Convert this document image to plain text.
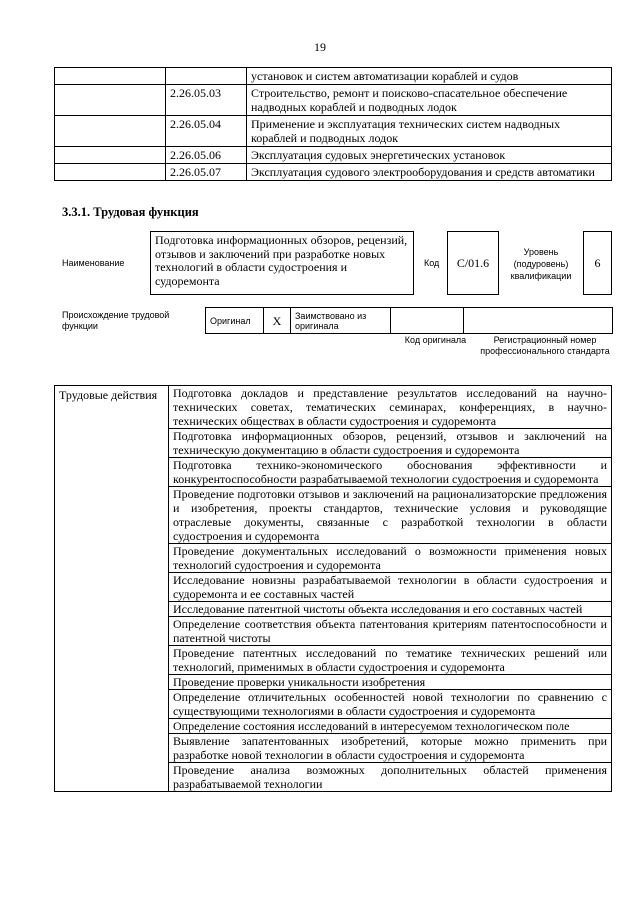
19
		установок и систем автоматизации кораблей и судов
	2.26.05.03	Строительство, ремонт и поисково-спасательное обеспечение надводных кораблей и подводных лодок
	2.26.05.04	Применение и эксплуатация технических систем надводных кораблей и подводных лодок
	2.26.05.06	Эксплуатация судовых энергетических установок
	2.26.05.07	Эксплуатация судового электрооборудования и средств автоматики
3.3.1. Трудовая функция
Наименование
Подготовка информационных обзоров, рецензий, отзывов и заключений при разработке новых технологий в области судостроения и судоремонта
Код	С/01.6
Уровень (подуровень) квалификации
6
Происхождение трудовой функции
Оригинал	X	Заимствовано из оригинала		
Код оригинала	Регистрационный номер профессионального стандарта
Трудовые действия	Подготовка докладов и представление результатов исследований на научно-технических советах, тематических семинарах, конференциях, в научно-технических обществах в области судостроения и судоремонта
Подготовка информационных обзоров, рецензий, отзывов и заключений на техническую документацию в области судостроения и судоремонта
Подготовка технико-экономического обоснования эффективности и конкурентоспособности разрабатываемой технологии судостроения и судоремонта
Проведение подготовки отзывов и заключений на рационализаторские предложения и изобретения, проекты стандартов, технические условия и руководящие отраслевые документы, связанные с разработкой технологии в области судостроения и судоремонта
Проведение документальных исследований о возможности применения новых технологий судостроения и судоремонта
Исследование новизны разрабатываемой технологии в области судостроения и судоремонта и ее составных частей
Исследование патентной чистоты объекта исследования и его составных частей
Определение соответствия объекта патентования критериям патентоспособности и патентной чистоты
Проведение патентных исследований по тематике технических решений или технологий, применимых в области судостроения и судоремонта
Проведение проверки уникальности изобретения
Определение отличительных особенностей новой технологии по сравнению с существующими технологиями в области судостроения и судоремонта
Определение состояния исследований в интересуемом технологическом поле
Выявление запатентованных изобретений, которые можно применить при разработке новой технологии в области судостроения и судоремонта
Проведение анализа возможных дополнительных областей применения разрабатываемой технологии
